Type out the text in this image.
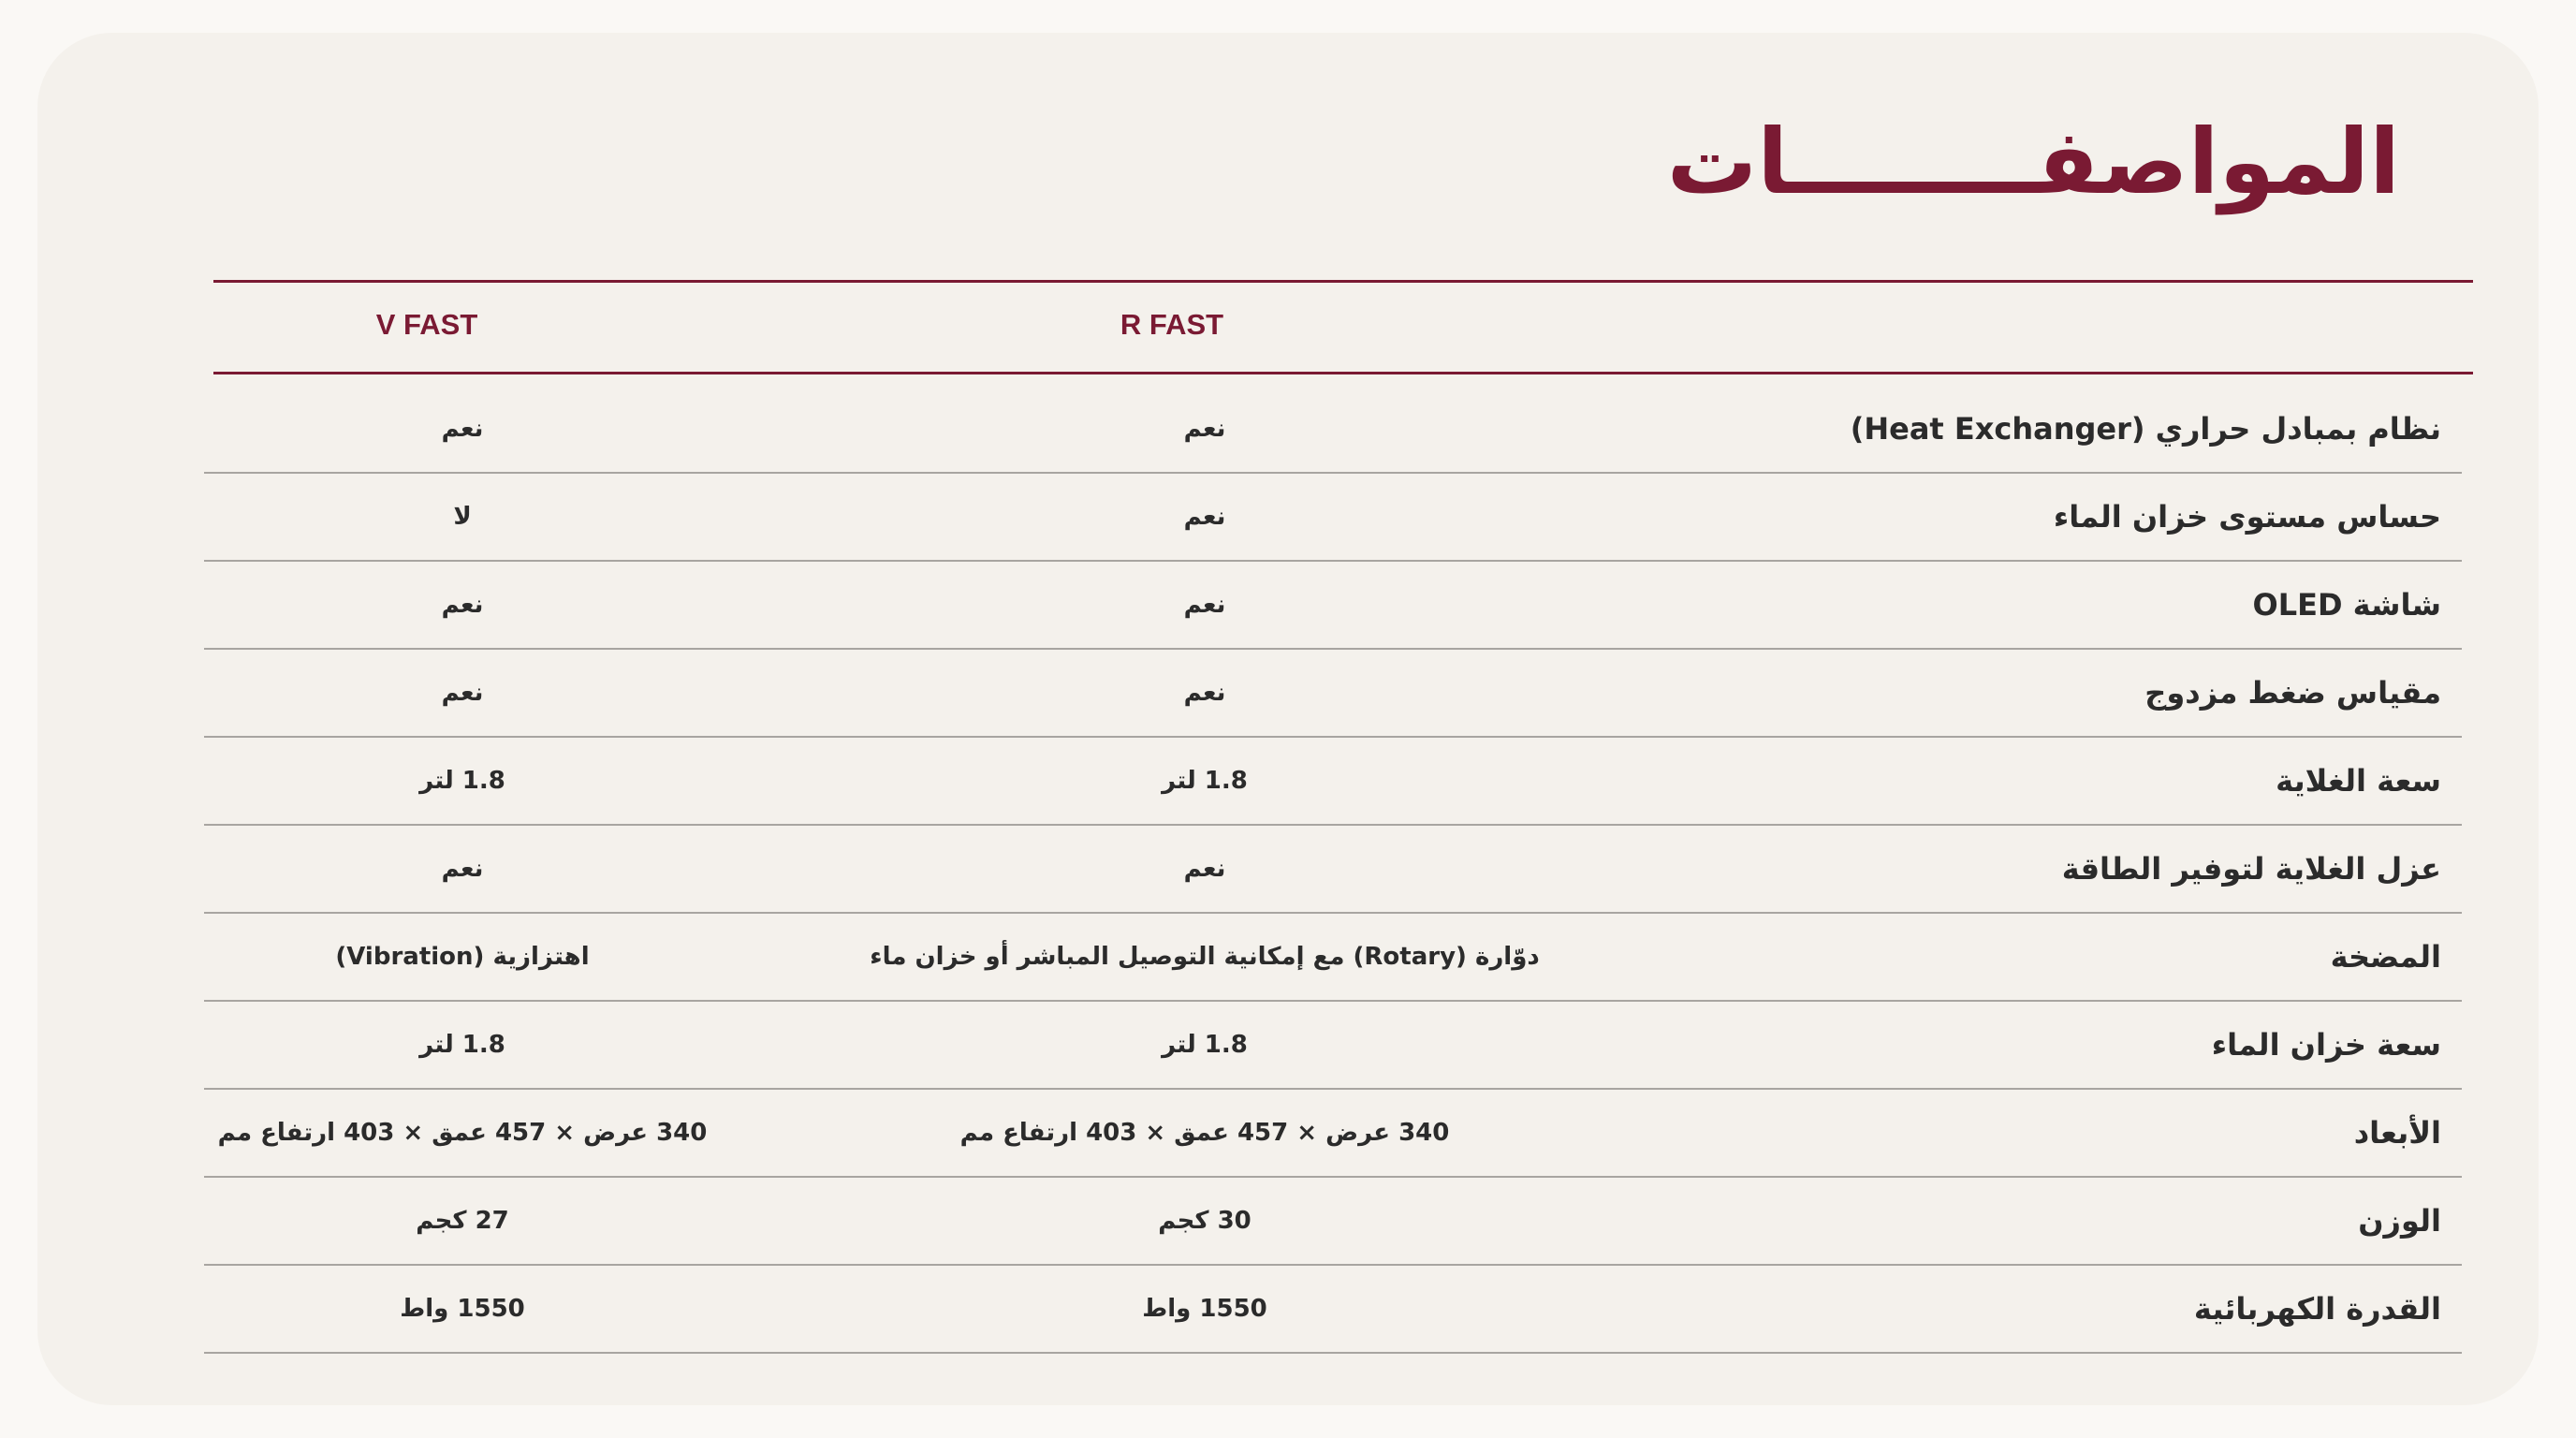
المواصفــــــــات
R FAST
V FAST
نظام بمبادل حراري (Heat Exchanger)
نعم
نعم
حساس مستوى خزان الماء
نعم
لا
شاشة OLED
نعم
نعم
مقياس ضغط مزدوج
نعم
نعم
سعة الغلاية
1.8 لتر
1.8 لتر
عزل الغلاية لتوفير الطاقة
نعم
نعم
المضخة
دوّارة (Rotary) مع إمكانية التوصيل المباشر أو خزان ماء
اهتزازية (Vibration)
سعة خزان الماء
1.8 لتر
1.8 لتر
الأبعاد
340 عرض × 457 عمق × 403 ارتفاع مم
340 عرض × 457 عمق × 403 ارتفاع مم
الوزن
30 كجم
27 كجم
القدرة الكهربائية
1550 واط
1550 واط
